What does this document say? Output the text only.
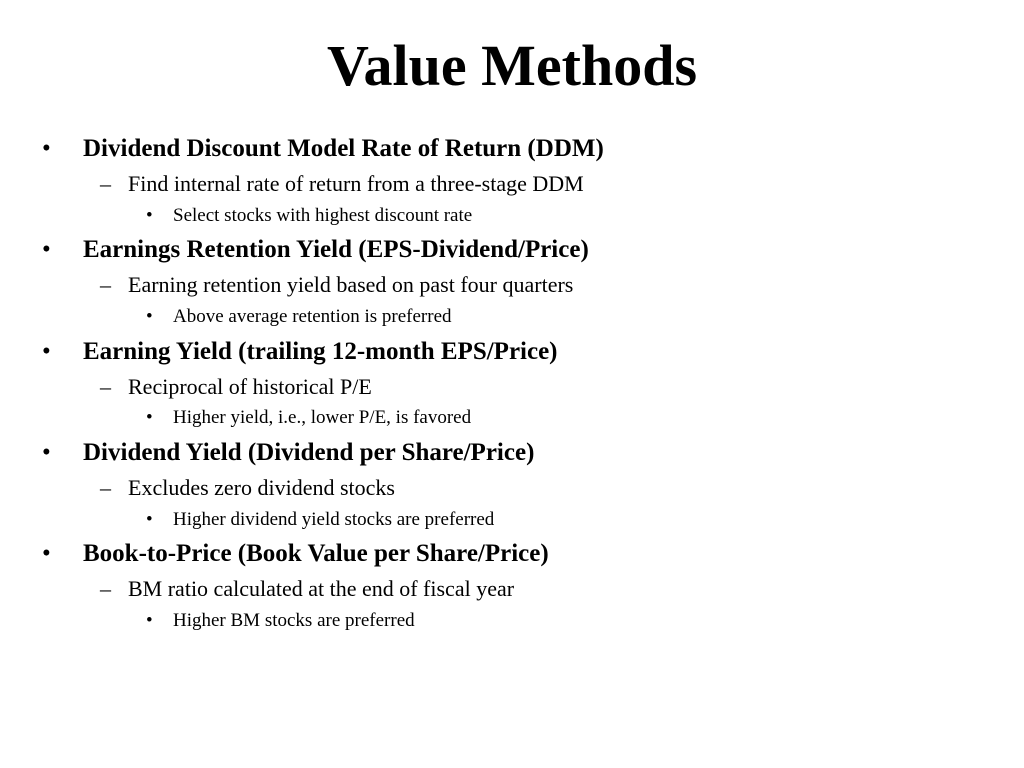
Value Methods
• Dividend Discount Model Rate of Return (DDM)
– Find internal rate of return from a three-stage DDM
• Select stocks with highest discount rate
• Earnings Retention Yield (EPS-Dividend/Price)
– Earning retention yield based on past four quarters
• Above average retention is preferred
• Earning Yield (trailing 12-month EPS/Price)
– Reciprocal of historical P/E
• Higher yield, i.e., lower P/E, is favored
• Dividend Yield (Dividend per Share/Price)
– Excludes zero dividend stocks
• Higher dividend yield stocks are preferred
• Book-to-Price (Book Value per Share/Price)
– BM ratio calculated at the end of fiscal year
• Higher BM stocks are preferred
